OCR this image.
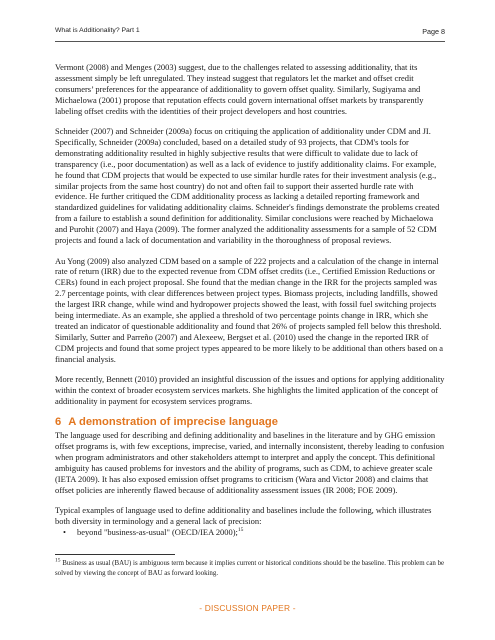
What is Additionality? Part 1	Page 8

Vermont (2008) and Menges (2003) suggest, due to the challenges related to assessing additionality, that its assessment simply be left unregulated. They instead suggest that regulators let the market and offset credit consumers’ preferences for the appearance of additionality to govern offset quality. Similarly, Sugiyama and Michaelowa (2001) propose that reputation effects could govern international offset markets by transparently labeling offset credits with the identities of their project developers and host countries.

Schneider (2007) and Schneider (2009a) focus on critiquing the application of additionality under CDM and JI. Specifically, Schneider (2009a) concluded, based on a detailed study of 93 projects, that CDM's tools for demonstrating additionality resulted in highly subjective results that were difficult to validate due to lack of transparency (i.e., poor documentation) as well as a lack of evidence to justify additionality claims. For example, he found that CDM projects that would be expected to use similar hurdle rates for their investment analysis (e.g., similar projects from the same host country) do not and often fail to support their asserted hurdle rate with evidence. He further critiqued the CDM additionality process as lacking a detailed reporting framework and standardized guidelines for validating additionality claims. Schneider's findings demonstrate the problems created from a failure to establish a sound definition for additionality. Similar conclusions were reached by Michaelowa and Purohit (2007) and Haya (2009). The former analyzed the additionality assessments for a sample of 52 CDM projects and found a lack of documentation and variability in the thoroughness of proposal reviews.

Au Yong (2009) also analyzed CDM based on a sample of 222 projects and a calculation of the change in internal rate of return (IRR) due to the expected revenue from CDM offset credits (i.e., Certified Emission Reductions or CERs) found in each project proposal. She found that the median change in the IRR for the projects sampled was 2.7 percentage points, with clear differences between project types. Biomass projects, including landfills, showed the largest IRR change, while wind and hydropower projects showed the least, with fossil fuel switching projects being intermediate. As an example, she applied a threshold of two percentage points change in IRR, which she treated an indicator of questionable additionality and found that 26% of projects sampled fell below this threshold. Similarly, Sutter and Parreño (2007) and Alexeew, Bergset et al. (2010) used the change in the reported IRR of CDM projects and found that some project types appeared to be more likely to be additional than others based on a financial analysis.

More recently, Bennett (2010) provided an insightful discussion of the issues and options for applying additionality within the context of broader ecosystem services markets. She highlights the limited application of the concept of additionality in payment for ecosystem services programs.

6 A demonstration of imprecise language

The language used for describing and defining additionality and baselines in the literature and by GHG emission offset programs is, with few exceptions, imprecise, varied, and internally inconsistent, thereby leading to confusion when program administrators and other stakeholders attempt to interpret and apply the concept. This definitional ambiguity has caused problems for investors and the ability of programs, such as CDM, to achieve greater scale (IETA 2009). It has also exposed emission offset programs to criticism (Wara and Victor 2008) and claims that offset policies are inherently flawed because of additionality assessment issues (IR 2008; FOE 2009).

Typical examples of language used to define additionality and baselines include the following, which illustrates both diversity in terminology and a general lack of precision:

• beyond "business-as-usual" (OECD/IEA 2000);$^{15}$
$^{15}$ Business as usual (BAU) is ambiguous term because it implies current or historical conditions should be the baseline. This problem can be solved by viewing the concept of BAU as forward looking.
- DISCUSSION PAPER -
